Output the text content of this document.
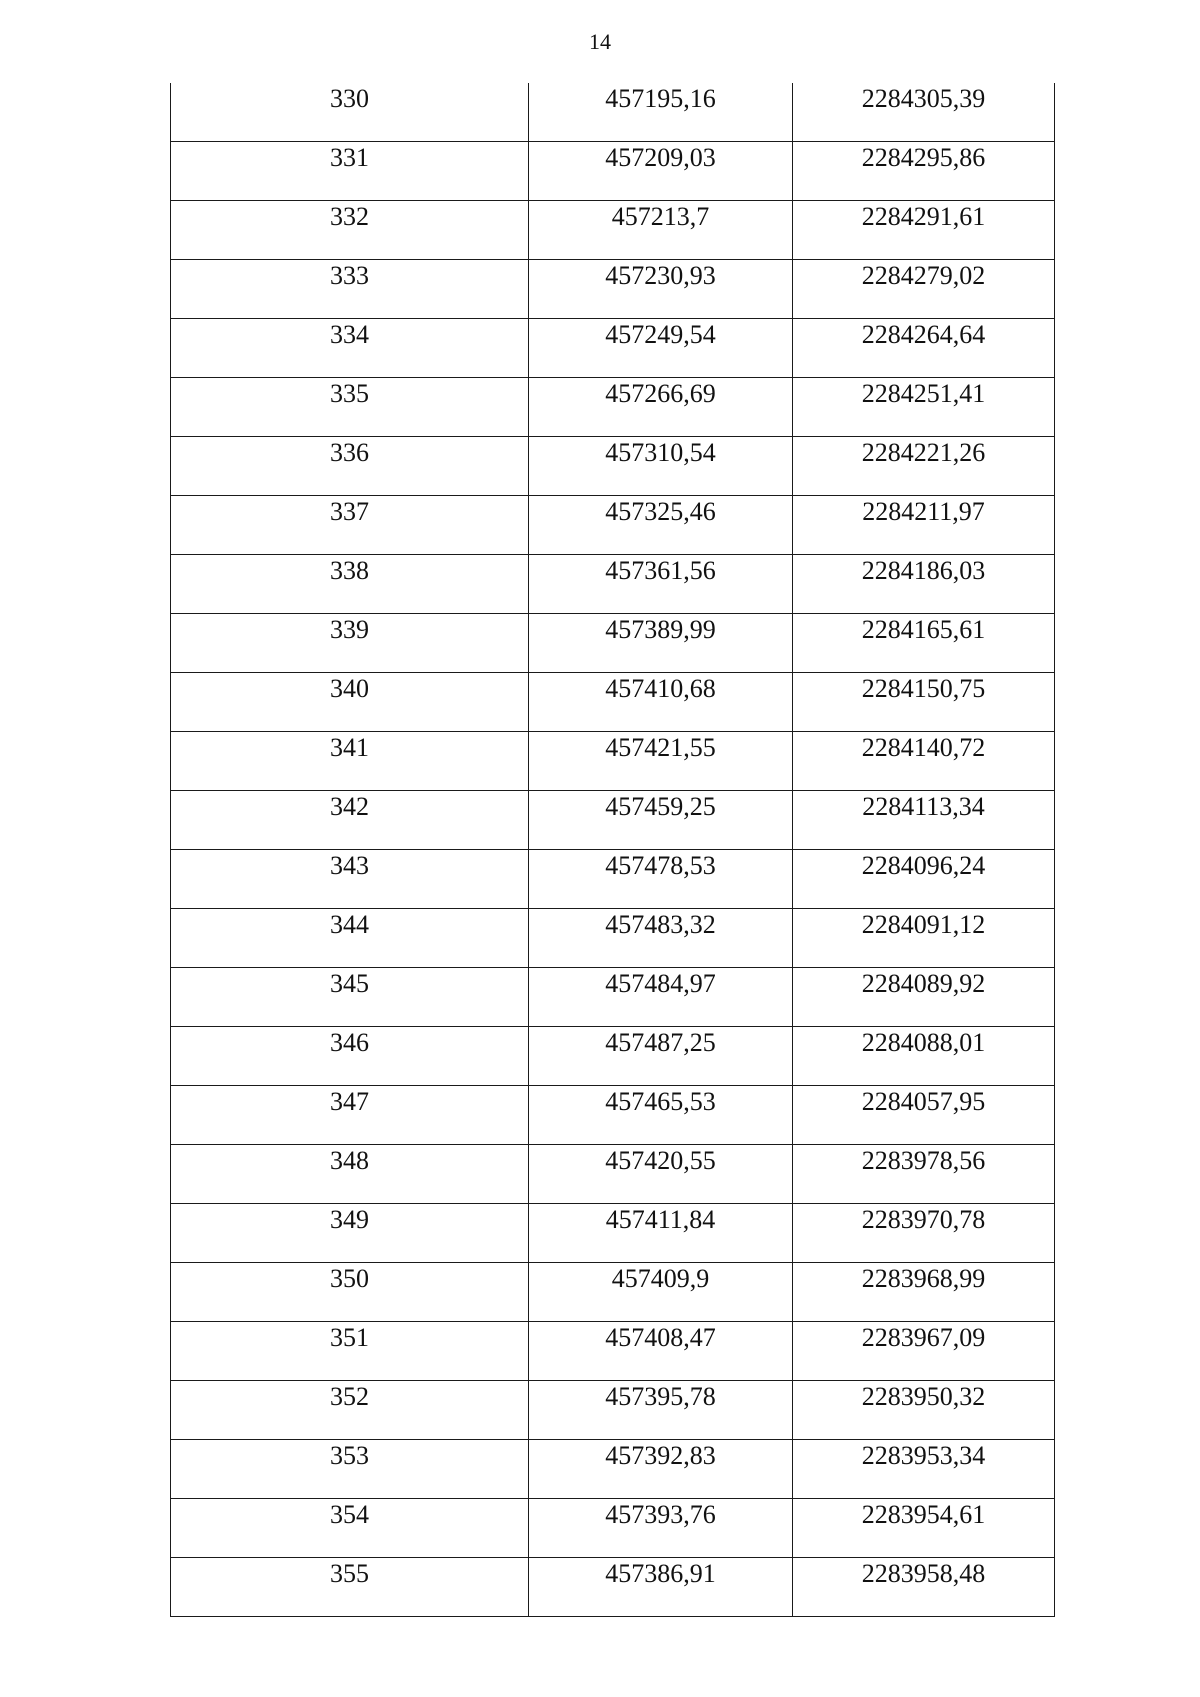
14
330	457195,16	2284305,39

331	457209,03	2284295,86

332	457213,7	2284291,61

333	457230,93	2284279,02

334	457249,54	2284264,64

335	457266,69	2284251,41

336	457310,54	2284221,26

337	457325,46	2284211,97

338	457361,56	2284186,03

339	457389,99	2284165,61

340	457410,68	2284150,75

341	457421,55	2284140,72

342	457459,25	2284113,34

343	457478,53	2284096,24

344	457483,32	2284091,12

345	457484,97	2284089,92

346	457487,25	2284088,01

347	457465,53	2284057,95

348	457420,55	2283978,56

349	457411,84	2283970,78

350	457409,9	2283968,99

351	457408,47	2283967,09

352	457395,78	2283950,32

353	457392,83	2283953,34

354	457393,76	2283954,61

355	457386,91	2283958,48
